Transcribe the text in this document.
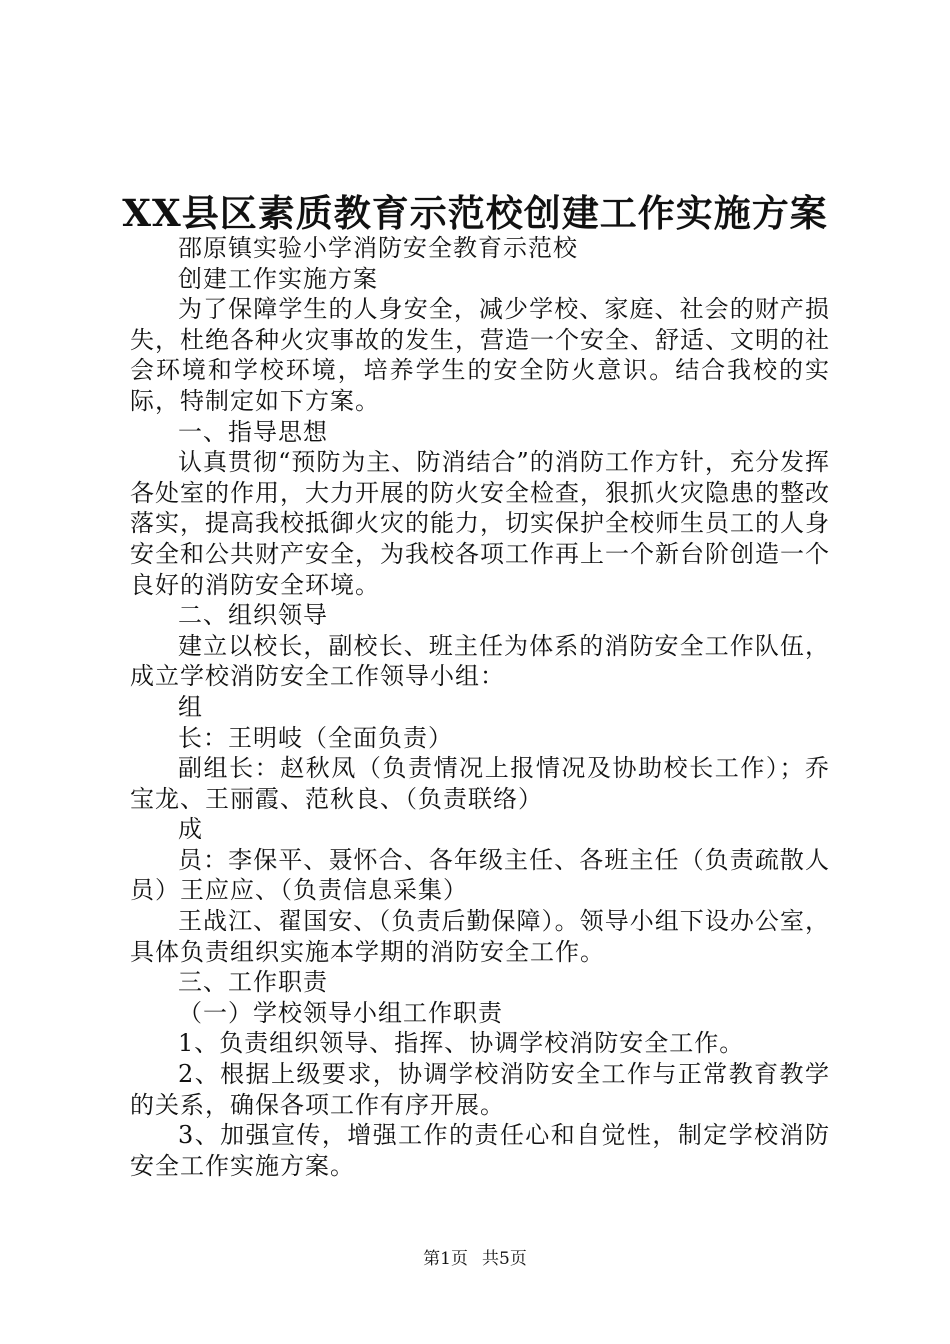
XX县区素质教育示范校创建工作实施方案

邵原镇实验小学消防安全教育示范校

创建工作实施方案

为了保障学生的人身安全，减少学校、家庭、社会的财产损失，杜绝各种火灾事故的发生，营造一个安全、舒适、文明的社会环境和学校环境，培养学生的安全防火意识。结合我校的实际，特制定如下方案。

一、指导思想

认真贯彻“预防为主、防消结合”的消防工作方针，充分发挥各处室的作用，大力开展的防火安全检查，狠抓火灾隐患的整改落实，提高我校抵御火灾的能力，切实保护全校师生员工的人身安全和公共财产安全，为我校各项工作再上一个新台阶创造一个良好的消防安全环境。

二、组织领导

建立以校长，副校长、班主任为体系的消防安全工作队伍，成立学校消防安全工作领导小组：

组

长：王明岐（全面负责）

副组长：赵秋凤（负责情况上报情况及协助校长工作）；乔宝龙、王丽霞、范秋良、（负责联络）

成

员：李保平、聂怀合、各年级主任、各班主任（负责疏散人员）王应应、（负责信息采集）

王战江、翟国安、（负责后勤保障）。领导小组下设办公室，具体负责组织实施本学期的消防安全工作。

三、工作职责

（一）学校领导小组工作职责

1、负责组织领导、指挥、协调学校消防安全工作。

2、根据上级要求，协调学校消防安全工作与正常教育教学的关系，确保各项工作有序开展。

3、加强宣传，增强工作的责任心和自觉性，制定学校消防安全工作实施方案。

第1页 共5页
